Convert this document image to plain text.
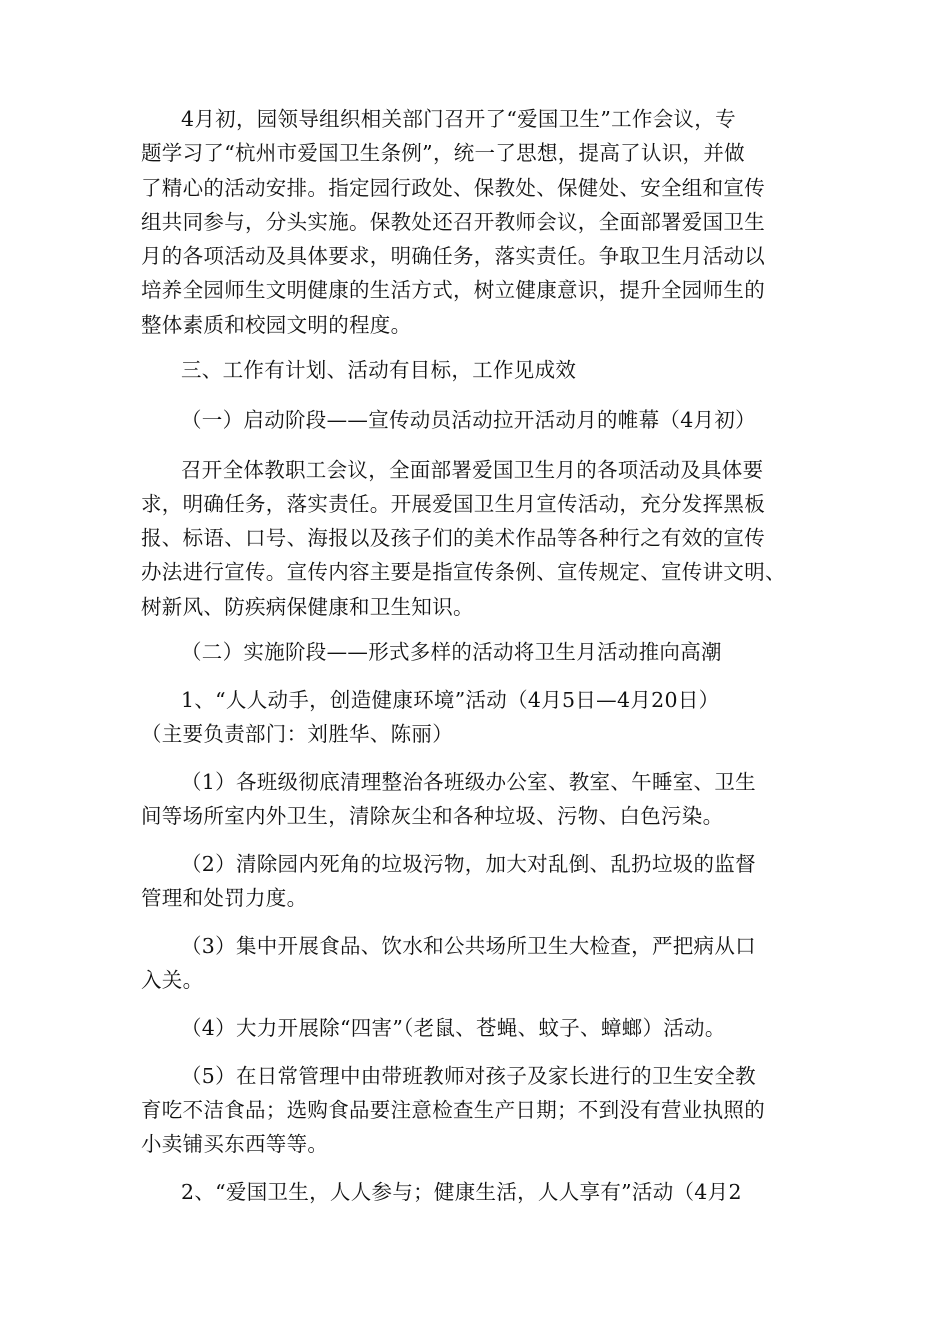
4月初，园领导组织相关部门召开了“爱国卫生”工作会议，专
题学习了“杭州市爱国卫生条例”，统一了思想，提高了认识，并做
了精心的活动安排。指定园行政处、保教处、保健处、安全组和宣传
组共同参与，分头实施。保教处还召开教师会议，全面部署爱国卫生
月的各项活动及具体要求，明确任务，落实责任。争取卫生月活动以
培养全园师生文明健康的生活方式，树立健康意识，提升全园师生的
整体素质和校园文明的程度。
三、工作有计划、活动有目标，工作见成效
（一）启动阶段——宣传动员活动拉开活动月的帷幕（4月初）
召开全体教职工会议，全面部署爱国卫生月的各项活动及具体要
求，明确任务，落实责任。开展爱国卫生月宣传活动，充分发挥黑板
报、标语、口号、海报以及孩子们的美术作品等各种行之有效的宣传
办法进行宣传。宣传内容主要是指宣传条例、宣传规定、宣传讲文明、
树新风、防疾病保健康和卫生知识。
（二）实施阶段——形式多样的活动将卫生月活动推向高潮
1、“人人动手，创造健康环境”活动（4月5日—4月20日）
（主要负责部门：刘胜华、陈丽）
（1）各班级彻底清理整治各班级办公室、教室、午睡室、卫生
间等场所室内外卫生，清除灰尘和各种垃圾、污物、白色污染。
（2）清除园内死角的垃圾污物，加大对乱倒、乱扔垃圾的监督
管理和处罚力度。
（3）集中开展食品、饮水和公共场所卫生大检查，严把病从口
入关。
（4）大力开展除“四害”（老鼠、苍蝇、蚊子、蟑螂）活动。
（5）在日常管理中由带班教师对孩子及家长进行的卫生安全教
育吃不洁食品；选购食品要注意检查生产日期；不到没有营业执照的
小卖铺买东西等等。
2、“爱国卫生，人人参与；健康生活，人人享有”活动（4月2
